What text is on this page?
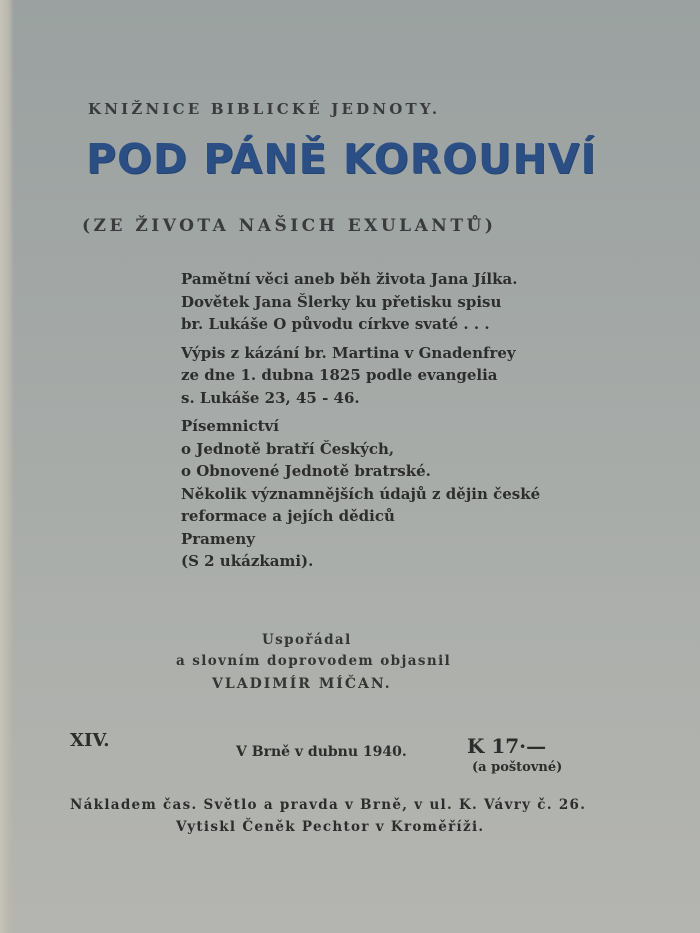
KNIŽNICE BIBLICKÉ JEDNOTY.
POD PÁNĚ KOROUHVÍ
(ZE ŽIVOTA NAŠICH EXULANTŮ)
Pamětní věci aneb běh života Jana Jílka.
Dovětek Jana Šlerky ku přetisku spisu
br. Lukáše O původu církve svaté . . .
Výpis z kázání br. Martina v Gnadenfrey
ze dne 1. dubna 1825 podle evangelia
s. Lukáše 23, 45 - 46.
Písemnictví
o Jednotě bratří Českých,
o Obnovené Jednotě bratrské.
Několik významnějších údajů z dějin české
reformace a jejích dědiců
Prameny
(S 2 ukázkami).
Uspořádal
a slovním doprovodem objasnil
VLADIMÍR MÍČAN.
XIV.
V Brně v dubnu 1940.	K 17·—
(a poštovné)
Nákladem čas. Světlo a pravda v Brně, v ul. K. Vávry č. 26.
Vytiskl Čeněk Pechtor v Kroměříži.
